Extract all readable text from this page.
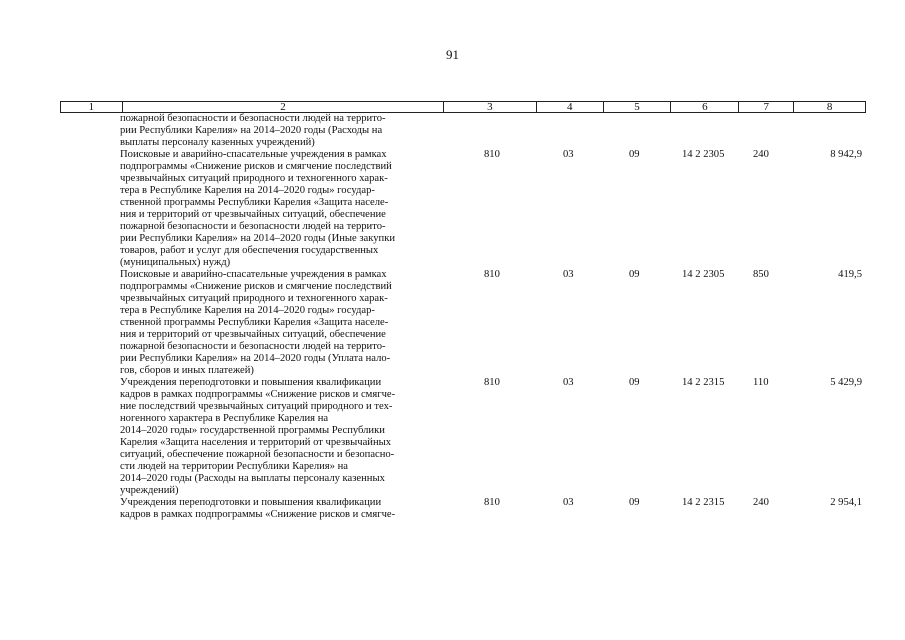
91
1	2	3	4	5	6	7	8
пожарной безопасности и безопасности людей на террито-
рии Республики Карелия» на 2014–2020 годы (Расходы на
выплаты персоналу казенных учреждений)
Поисковые и аварийно-спасательные учреждения в рамках
подпрограммы «Снижение рисков и смягчение последствий
чрезвычайных ситуаций природного и техногенного харак-
тера в Республике Карелия на 2014–2020 годы» государ-
ственной программы Республики Карелия «Защита населе-
ния и территорий от чрезвычайных ситуаций, обеспечение
пожарной безопасности и безопасности людей на террито-
рии Республики Карелия» на 2014–2020 годы (Иные закупки
товаров, работ и услуг для обеспечения государственных
(муниципальных) нужд)
810	03	09	14 2 2305	240	8 942,9
Поисковые и аварийно-спасательные учреждения в рамках
подпрограммы «Снижение рисков и смягчение последствий
чрезвычайных ситуаций природного и техногенного харак-
тера в Республике Карелия на 2014–2020 годы» государ-
ственной программы Республики Карелия «Защита населе-
ния и территорий от чрезвычайных ситуаций, обеспечение
пожарной безопасности и безопасности людей на террито-
рии Республики Карелия» на 2014–2020 годы (Уплата нало-
гов, сборов и иных платежей)
810	03	09	14 2 2305	850	419,5
Учреждения переподготовки и повышения квалификации
кадров в рамках подпрограммы «Снижение рисков и смягче-
ние последствий чрезвычайных ситуаций природного и тех-
ногенного характера в Республике Карелия на
2014–2020 годы» государственной программы Республики
Карелия «Защита населения и территорий от чрезвычайных
ситуаций, обеспечение пожарной безопасности и безопасно-
сти людей на территории Республики Карелия» на
2014–2020 годы (Расходы на выплаты персоналу казенных
учреждений)
810	03	09	14 2 2315	110	5 429,9
Учреждения переподготовки и повышения квалификации
кадров в рамках подпрограммы «Снижение рисков и смягче-
810	03	09	14 2 2315	240	2 954,1
